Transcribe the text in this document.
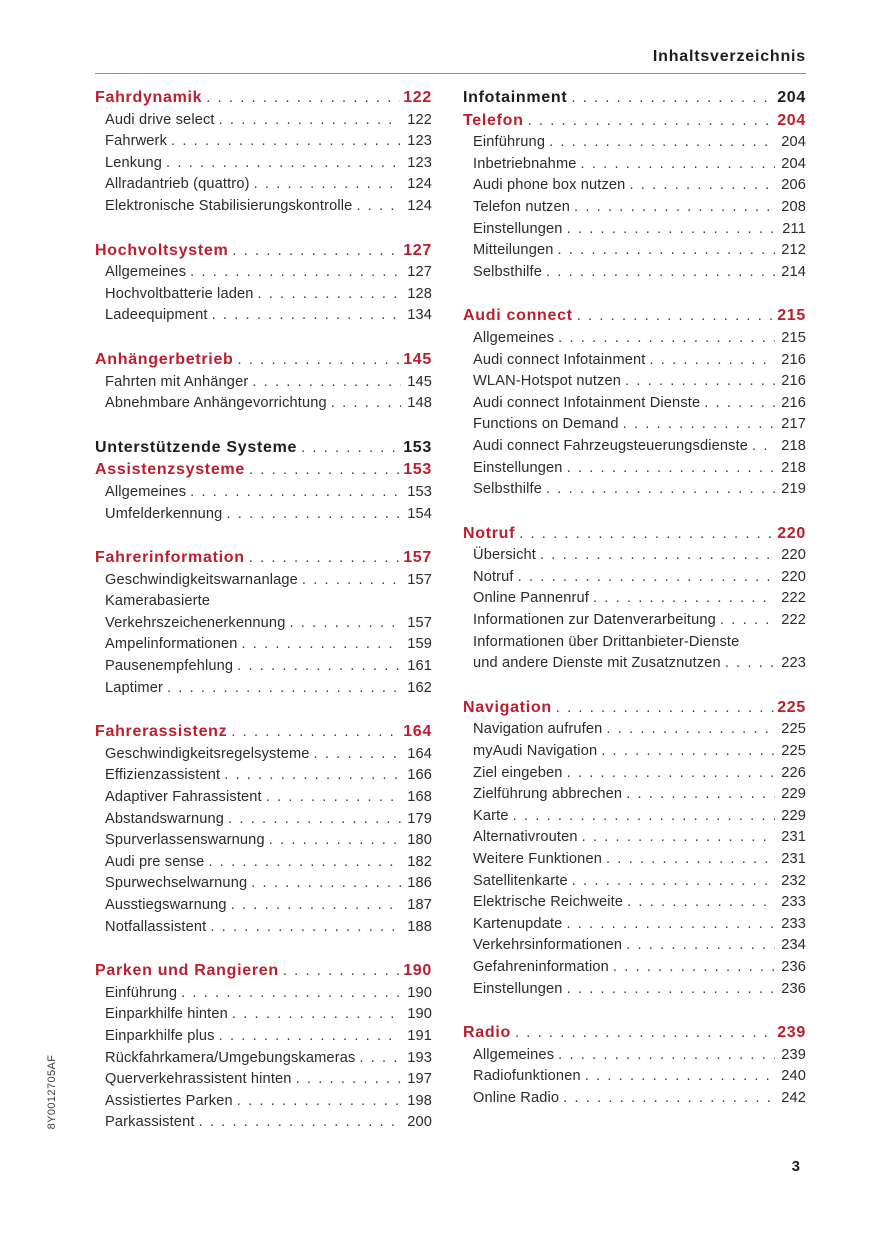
Inhaltsverzeichnis
Fahrdynamik . . .	122
Audi drive select . . .	122
Fahrwerk . . .	123
Lenkung . . .	123
Allradantrieb (quattro) . . .	124
Elektronische Stabilisierungskontrolle . . .	124
Hochvoltsystem . . .	127
Allgemeines . . .	127
Hochvoltbatterie laden . . .	128
Ladeequipment . . .	134
Anhängerbetrieb . . .	145
Fahrten mit Anhänger . . .	145
Abnehmbare Anhängevorrichtung . . .	148
Unterstützende Systeme . . .	153
Assistenzsysteme . . .	153
Allgemeines . . .	153
Umfelderkennung . . .	154
Fahrerinformation . . .	157
Geschwindigkeitswarnanlage . . .	157
Kamerabasierte
Verkehrszeichenerkennung . . .	157
Ampelinformationen . . .	159
Pausenempfehlung . . .	161
Laptimer . . .	162
Fahrerassistenz . . .	164
Geschwindigkeitsregelsysteme . . .	164
Effizienzassistent . . .	166
Adaptiver Fahrassistent . . .	168
Abstandswarnung . . .	179
Spurverlassenswarnung . . .	180
Audi pre sense . . .	182
Spurwechselwarnung . . .	186
Ausstiegswarnung . . .	187
Notfallassistent . . .	188
Parken und Rangieren . . .	190
Einführung . . .	190
Einparkhilfe hinten . . .	190
Einparkhilfe plus . . .	191
Rückfahrkamera/Umgebungskameras . . .	193
Querverkehrassistent hinten . . .	197
Assistiertes Parken . . .	198
Parkassistent . . .	200
Infotainment . . .	204
Telefon . . .	204
Einführung . . .	204
Inbetriebnahme . . .	204
Audi phone box nutzen . . .	206
Telefon nutzen . . .	208
Einstellungen . . .	211
Mitteilungen . . .	212
Selbsthilfe . . .	214
Audi connect . . .	215
Allgemeines . . .	215
Audi connect Infotainment . . .	216
WLAN-Hotspot nutzen . . .	216
Audi connect Infotainment Dienste . . .	216
Functions on Demand . . .	217
Audi connect Fahrzeugsteuerungsdienste . . . 218
Einstellungen . . .	218
Selbsthilfe . . .	219
Notruf . . .	220
Übersicht . . .	220
Notruf . . .	220
Online Pannenruf . . .	222
Informationen zur Datenverarbeitung . . .	222
Informationen über Drittanbieter-Dienste
und andere Dienste mit Zusatznutzen . . .	223
Navigation . . .	225
Navigation aufrufen . . .	225
myAudi Navigation . . .	225
Ziel eingeben . . .	226
Zielführung abbrechen . . .	229
Karte . . .	229
Alternativrouten . . .	231
Weitere Funktionen . . .	231
Satellitenkarte . . .	232
Elektrische Reichweite . . .	233
Kartenupdate . . .	233
Verkehrsinformationen . . .	234
Gefahreninformation . . .	236
Einstellungen . . .	236
Radio . . .	239
Allgemeines . . .	239
Radiofunktionen . . .	240
Online Radio . . .	242
8Y0012705AF
3
